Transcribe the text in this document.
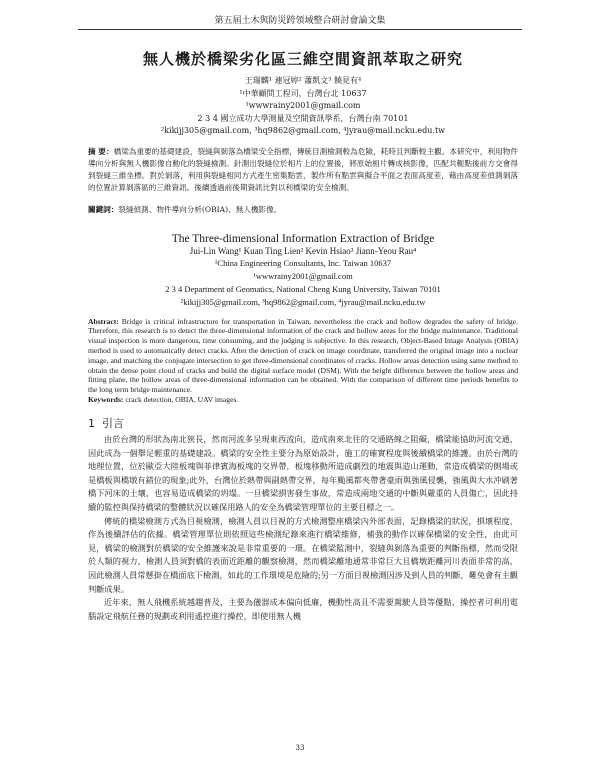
第五屆土木與防災跨領域整合研討會論文集
無人機於橋梁劣化區三維空間資訊萃取之研究
王瑞麟¹ 連冠婷² 蕭凱文³ 饒見有⁴
¹中華顧問工程司，台灣台北 10637
¹wwwrainy2001@gmail.com
2 3 4 國立成功大學測量及空間資訊學系，台灣台南 70101
²kikijj305@gmail.com, ³hq9862@gmail.com, ⁴jyrau@mail.ncku.edu.tw
摘 要：橋梁為重要的基礎建設，裂縫與剝落為橋梁安全指標，傳統目測檢測較為危險，耗時且判斷較主觀。本研究中，利用物件導向分析與無人機影像自動化的裂縫檢測。針測出裂縫位於相片上的位置後，將原始相片轉成核影像，匹配共軛點後前方交會得到裂縫三維坐標。對於剝落，利用與裂縫相同方式產生密集點雲，製作所有點雲與擬合平面之表面高度差，藉由高度差偵測剝落的位置計算剝落區的三維資訊。後續透過前後期資訊比對以利橋梁的安全檢測。
關鍵詞：裂縫偵測、物件導向分析(OBIA)、無人機影像。
The Three-dimensional Information Extraction of Bridge
Jui-Lin Wang¹ Kuan Ting Lien² Kevin Hsiao³ Jiann-Yeou Rau⁴
¹China Engineering Consultants, Inc. Taiwan 10637
¹wwwrainy2001@gmail.com
2 3 4 Department of Geomatics, National Cheng Kung University, Taiwan 70101
²kikijj305@gmail.com, ³hq9862@gmail.com, ⁴jyrau@mail.ncku.edu.tw
Abstract: Bridge is critical infrastructure for transportation in Taiwan, nevertheless the crack and hollow degrades the safety of bridge. Therefore, this research is to detect the three-dimensional information of the crack and hollow areas for the bridge maintenance. Traditional visual inspection is more dangerous, time consuming, and the judging is subjective. In this research, Object-Based Image Analysis (OBIA) method is used to automatically detect cracks. After the detection of crack on image coordinate, transferred the original image into a nuclear image, and matching the conjugate intersection to get three-dimensional coordinates of cracks. Hollow areas detection using same method to obtain the dense point cloud of cracks and build the digital surface model (DSM). With the height difference between the hollow areas and fitting plane, the hollow areas of three-dimensional information can be obtained. With the comparison of different time periods benefits to the long term bridge maintenance.
Keywords: crack detection, OBIA, UAV images.
1 引言

由於台灣的形狀為南北狹長，然而河流多呈現東西流向，造成南來北往的交通路線之阻礙，橋梁能協助河流交通，因此成為一個舉足輕重的基礎建設。橋梁的安全性主要分為原始設計，施工的確實程度與後續橋梁的維護。由於台灣的地理位置，位於歐亞大陸板塊與菲律賓海板塊的交界帶，板塊移動所造成劇烈的地震與造山運動，常造成橋梁的側場或是橋板與橋墩有錯位的現象;此外，台灣位於熱帶與副熱帶交界，每年颱風都夾帶著豪雨與強風侵襲，強風與大水沖刷著橋下河床的土壤，也容易造成橋梁的坍塌。一旦橋梁損害發生事故，常造成兩地交通的中斷與嚴重的人員傷亡，因此持續的監控與保持橋梁的整體狀況以確保用路人的安全為橋梁管理單位的主要目標之一。

傳統的橋梁檢測方式為目視檢測，檢測人員以目視的方式檢測整座橋梁內外部表面，記錄橋梁的狀況，損壞程度，作為後續評估的依據。橋梁管理單位則依照這些檢測紀錄來進行橋梁維修，補強的動作以確保橋梁的安全性，由此可見，橋梁的檢測對於橋梁的安全維護來說是非常重要的一環。在橋梁監測中，裂縫與剝落為重要的判斷指標，然而受限於人類的視力，檢測人員須對橋的表面近距離的觀察檢測，然而橋梁離地通常非常巨大且橋墩距離河川表面非常的高，因此檢測人員常懸掛在橋面底下檢測，如此的工作環境是危險的;另一方面目視檢測因涉及到人員的判斷，難免會有主觀判斷成果。

近年來，無人飛機系統越趨普及，主要為儀器成本偏向低廉，機動性高且不需要駕駛人員等優點，操控者可利用電腦設定飛航任務的規劃或利用遙控進行操控，即使用無人機

33
